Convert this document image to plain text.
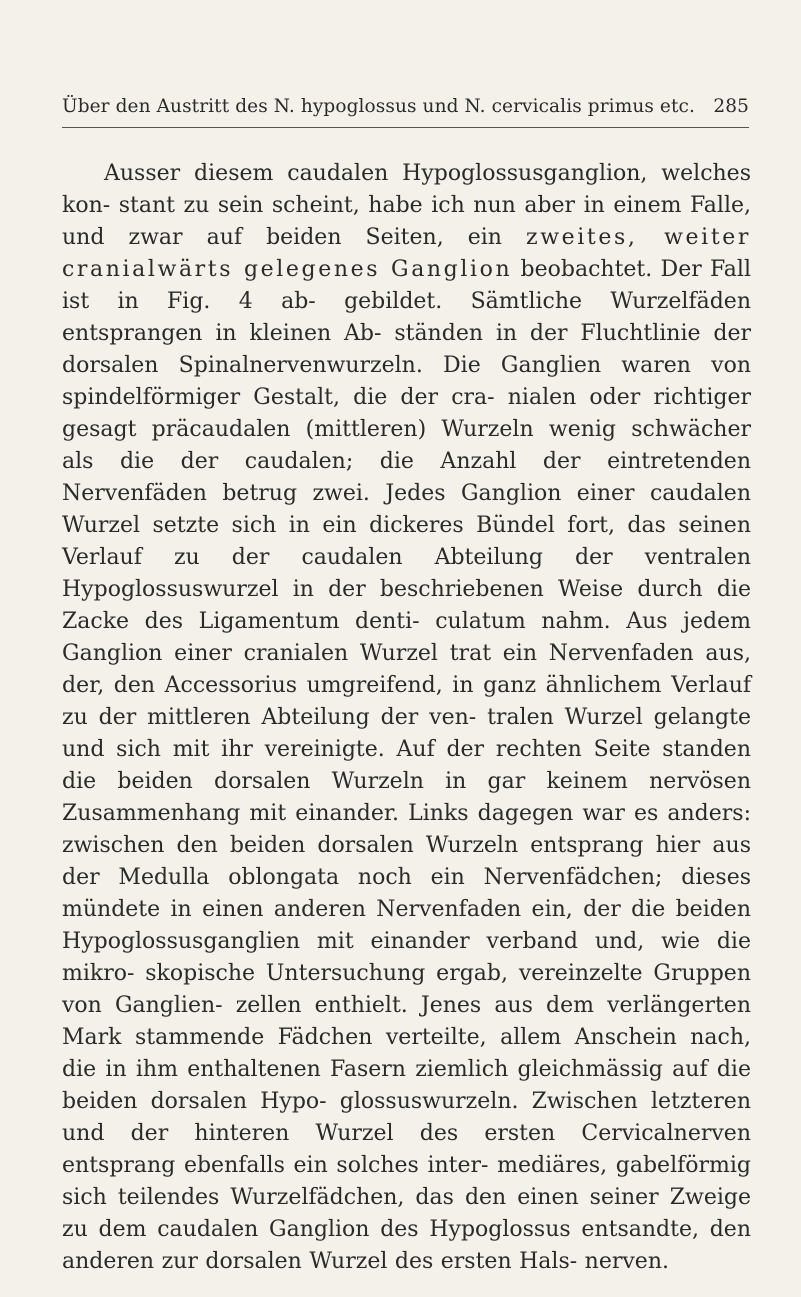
Über den Austritt des N. hypoglossus und N. cervicalis primus etc. 285

Ausser diesem caudalen Hypoglossusganglion, welches kon- stant zu sein scheint, habe ich nun aber in einem Falle, und zwar auf beiden Seiten, ein zweites, weiter cranialwärts gelegenes Ganglion beobachtet. Der Fall ist in Fig. 4 ab- gebildet. Sämtliche Wurzelfäden entsprangen in kleinen Ab- ständen in der Fluchtlinie der dorsalen Spinalnervenwurzeln. Die Ganglien waren von spindelförmiger Gestalt, die der cra- nialen oder richtiger gesagt präcaudalen (mittleren) Wurzeln wenig schwächer als die der caudalen; die Anzahl der eintretenden Nervenfäden betrug zwei. Jedes Ganglion einer caudalen Wurzel setzte sich in ein dickeres Bündel fort, das seinen Verlauf zu der caudalen Abteilung der ventralen Hypoglossuswurzel in der beschriebenen Weise durch die Zacke des Ligamentum denti- culatum nahm. Aus jedem Ganglion einer cranialen Wurzel trat ein Nervenfaden aus, der, den Accessorius umgreifend, in ganz ähnlichem Verlauf zu der mittleren Abteilung der ven- tralen Wurzel gelangte und sich mit ihr vereinigte. Auf der rechten Seite standen die beiden dorsalen Wurzeln in gar keinem nervösen Zusammenhang mit einander. Links dagegen war es anders: zwischen den beiden dorsalen Wurzeln entsprang hier aus der Medulla oblongata noch ein Nervenfädchen; dieses mündete in einen anderen Nervenfaden ein, der die beiden Hypoglossusganglien mit einander verband und, wie die mikro- skopische Untersuchung ergab, vereinzelte Gruppen von Ganglien- zellen enthielt. Jenes aus dem verlängerten Mark stammende Fädchen verteilte, allem Anschein nach, die in ihm enthaltenen Fasern ziemlich gleichmässig auf die beiden dorsalen Hypo- glossuswurzeln. Zwischen letzteren und der hinteren Wurzel des ersten Cervicalnerven entsprang ebenfalls ein solches inter- mediäres, gabelförmig sich teilendes Wurzelfädchen, das den einen seiner Zweige zu dem caudalen Ganglion des Hypoglossus entsandte, den anderen zur dorsalen Wurzel des ersten Hals- nerven.
